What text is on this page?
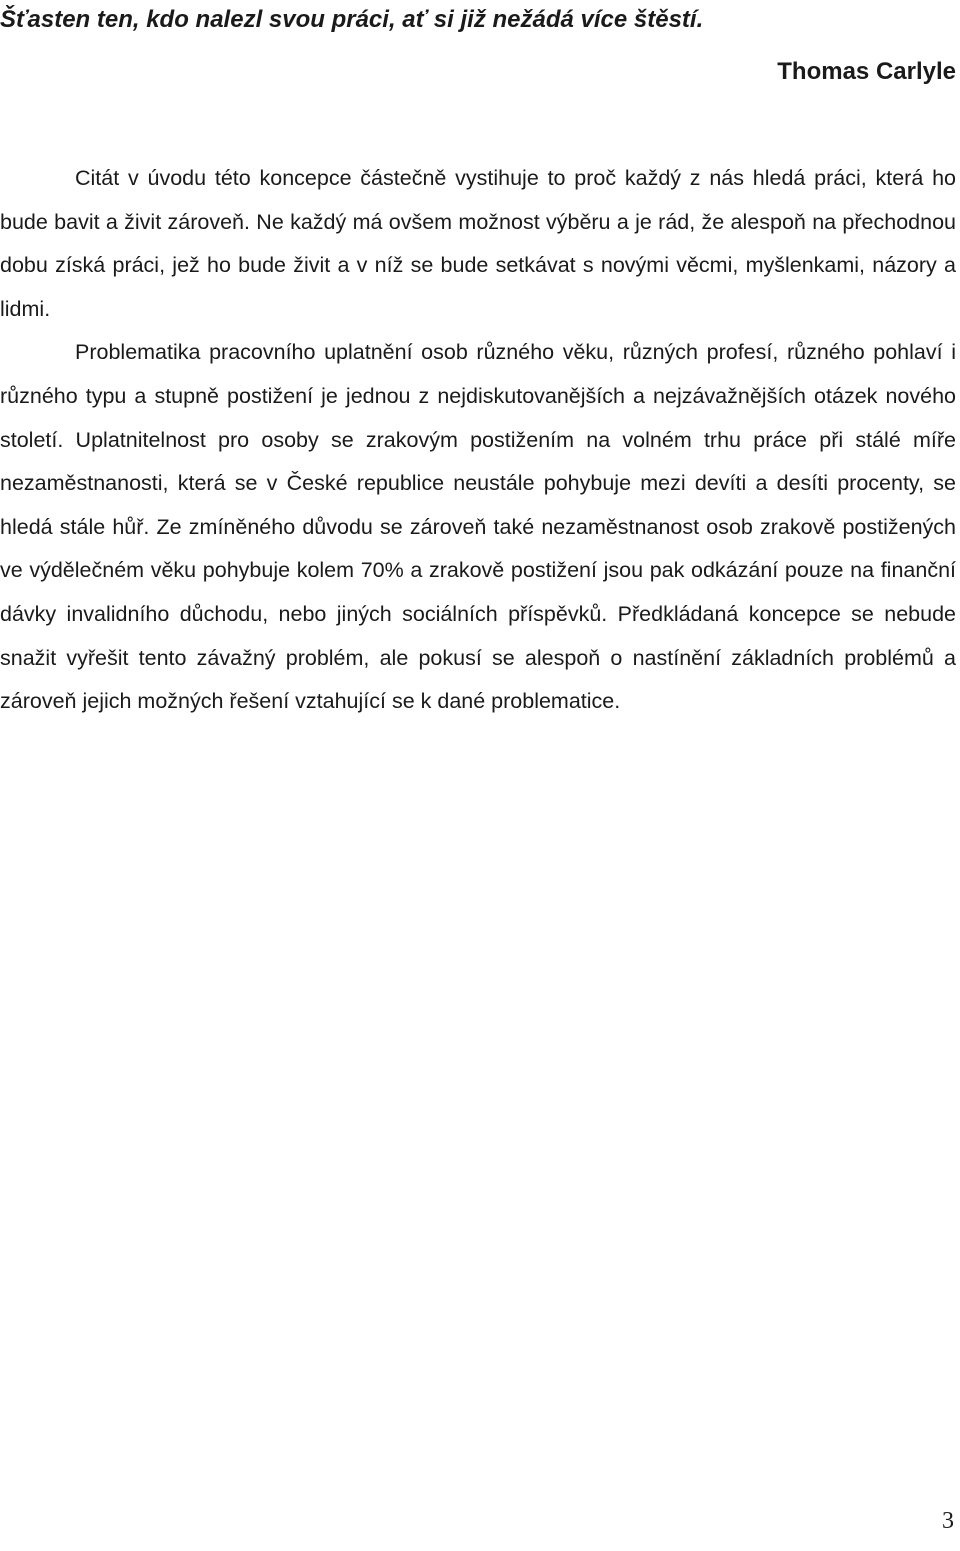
Šťasten ten, kdo nalezl svou práci, ať si již nežádá více štěstí.

Thomas Carlyle

Citát v úvodu této koncepce částečně vystihuje to proč každý z nás hledá práci, která ho bude bavit a živit zároveň. Ne každý má ovšem možnost výběru a je rád, že alespoň na přechodnou dobu získá práci, jež ho bude živit a v níž se bude setkávat s novými věcmi, myšlenkami, názory a lidmi.

Problematika pracovního uplatnění osob různého věku, různých profesí, různého pohlaví i různého typu a stupně postižení je jednou z nejdiskutovanějších a nejzávažnějších otázek nového století. Uplatnitelnost pro osoby se zrakovým postižením na volném trhu práce při stálé míře nezaměstnanosti, která se v České republice neustále pohybuje mezi devíti a desíti procenty, se hledá stále hůř. Ze zmíněného důvodu se zároveň také nezaměstnanost osob zrakově postižených ve výdělečném věku pohybuje kolem 70% a zrakově postižení jsou pak odkázání pouze na finanční dávky invalidního důchodu, nebo jiných sociálních příspěvků. Předkládaná koncepce se nebude snažit vyřešit tento závažný problém, ale pokusí se alespoň o nastínění základních problémů a zároveň jejich možných řešení vztahující se k dané problematice.

3
